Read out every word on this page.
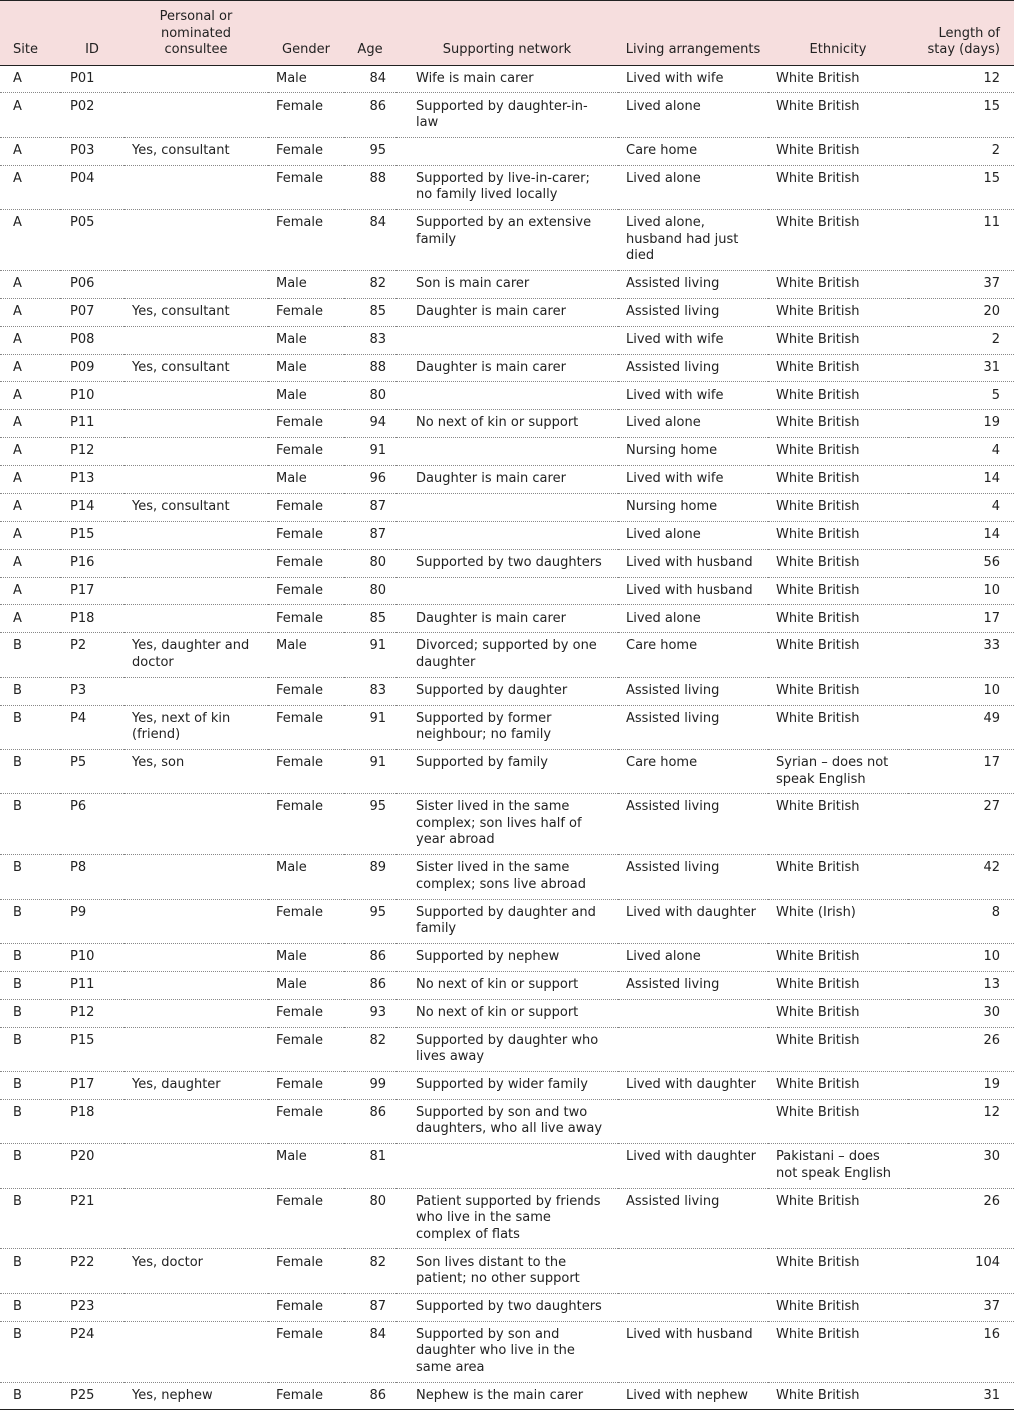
Site	ID	Personal or nominated consultee	Gender	Age	Supporting network	Living arrangements	Ethnicity	Length of stay (days)
A	P01		Male	84	Wife is main carer	Lived with wife	White British	12
A	P02		Female	86	Supported by daughter-in-law	Lived alone	White British	15
A	P03	Yes, consultant	Female	95		Care home	White British	2
A	P04		Female	88	Supported by live-in-carer; no family lived locally	Lived alone	White British	15
A	P05		Female	84	Supported by an extensive family	Lived alone, husband had just died	White British	11
A	P06		Male	82	Son is main carer	Assisted living	White British	37
A	P07	Yes, consultant	Female	85	Daughter is main carer	Assisted living	White British	20
A	P08		Male	83		Lived with wife	White British	2
A	P09	Yes, consultant	Male	88	Daughter is main carer	Assisted living	White British	31
A	P10		Male	80		Lived with wife	White British	5
A	P11		Female	94	No next of kin or support	Lived alone	White British	19
A	P12		Female	91		Nursing home	White British	4
A	P13		Male	96	Daughter is main carer	Lived with wife	White British	14
A	P14	Yes, consultant	Female	87		Nursing home	White British	4
A	P15		Female	87		Lived alone	White British	14
A	P16		Female	80	Supported by two daughters	Lived with husband	White British	56
A	P17		Female	80		Lived with husband	White British	10
A	P18		Female	85	Daughter is main carer	Lived alone	White British	17
B	P2	Yes, daughter and doctor	Male	91	Divorced; supported by one daughter	Care home	White British	33
B	P3		Female	83	Supported by daughter	Assisted living	White British	10
B	P4	Yes, next of kin (friend)	Female	91	Supported by former neighbour; no family	Assisted living	White British	49
B	P5	Yes, son	Female	91	Supported by family	Care home	Syrian – does not speak English	17
B	P6		Female	95	Sister lived in the same complex; son lives half of year abroad	Assisted living	White British	27
B	P8		Male	89	Sister lived in the same complex; sons live abroad	Assisted living	White British	42
B	P9		Female	95	Supported by daughter and family	Lived with daughter	White (Irish)	8
B	P10		Male	86	Supported by nephew	Lived alone	White British	10
B	P11		Male	86	No next of kin or support	Assisted living	White British	13
B	P12		Female	93	No next of kin or support		White British	30
B	P15		Female	82	Supported by daughter who lives away		White British	26
B	P17	Yes, daughter	Female	99	Supported by wider family	Lived with daughter	White British	19
B	P18		Female	86	Supported by son and two daughters, who all live away		White British	12
B	P20		Male	81		Lived with daughter	Pakistani – does not speak English	30
B	P21		Female	80	Patient supported by friends who live in the same complex of flats	Assisted living	White British	26
B	P22	Yes, doctor	Female	82	Son lives distant to the patient; no other support		White British	104
B	P23		Female	87	Supported by two daughters		White British	37
B	P24		Female	84	Supported by son and daughter who live in the same area	Lived with husband	White British	16
B	P25	Yes, nephew	Female	86	Nephew is the main carer	Lived with nephew	White British	31
